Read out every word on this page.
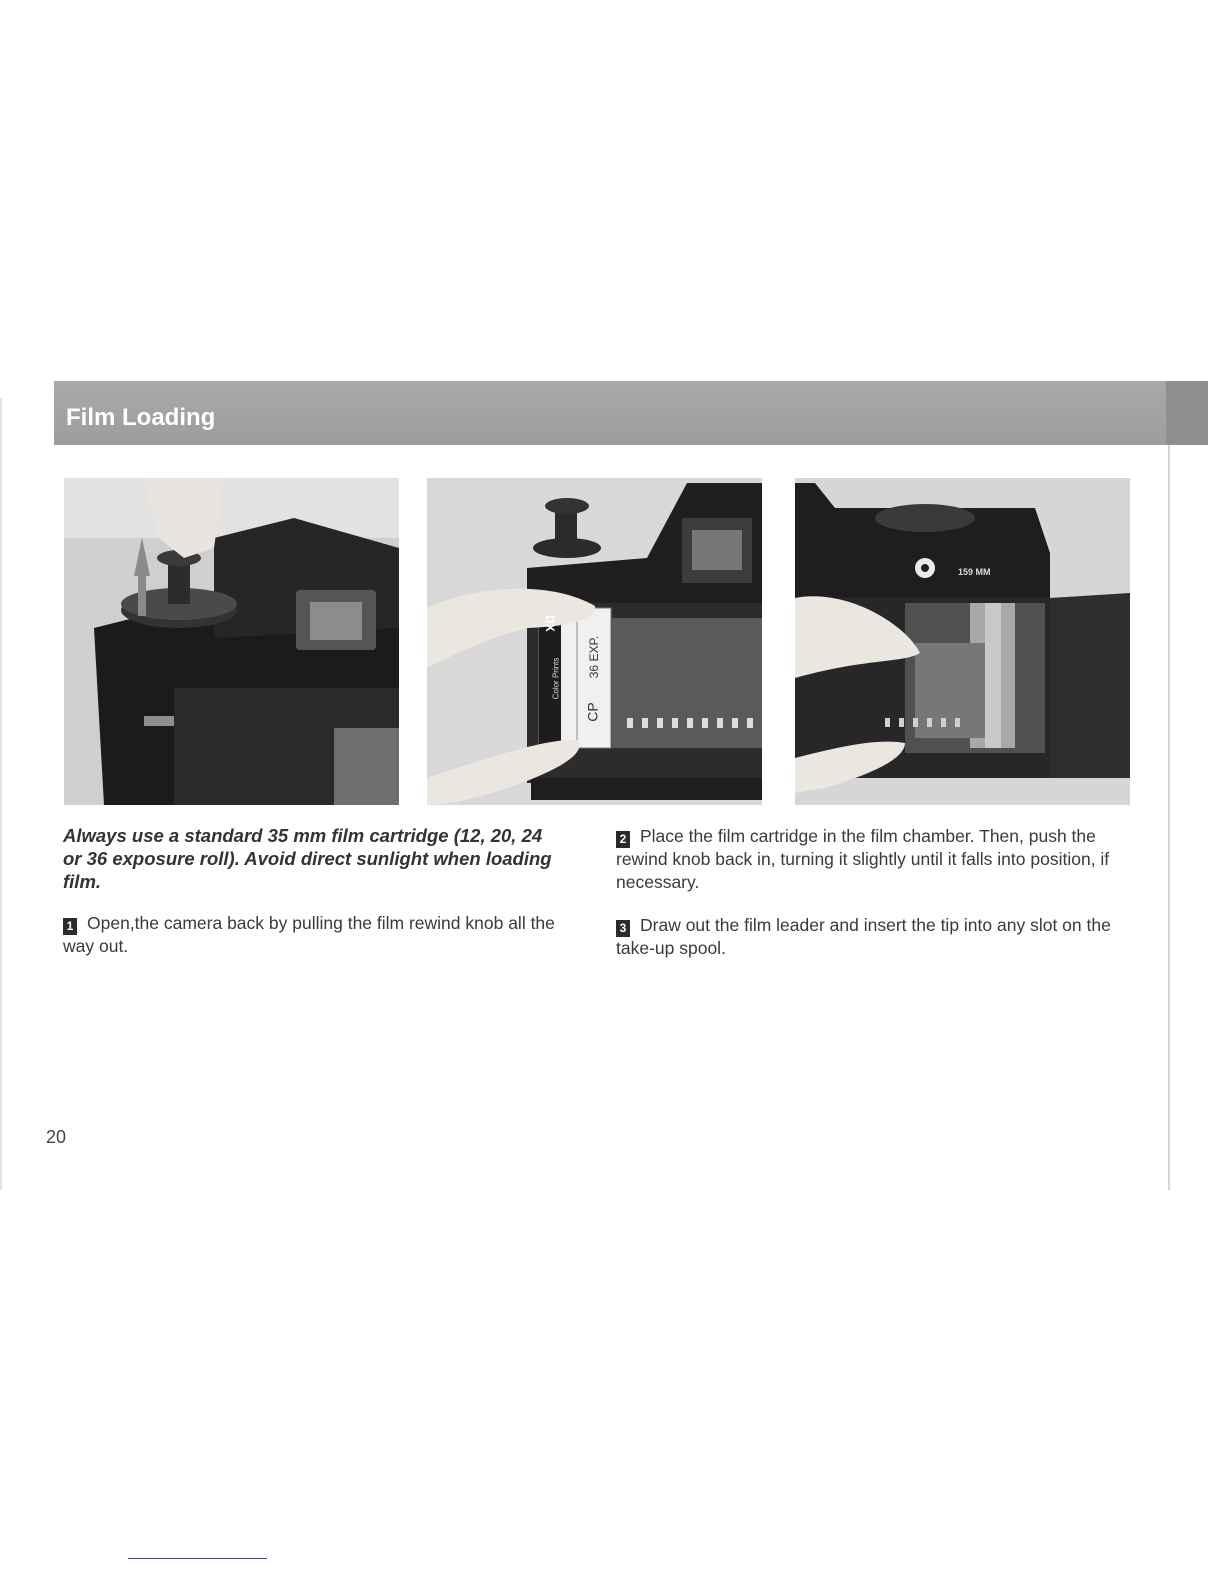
Film Loading
DX
CP
36 EXP.
Color Prints
159 MM
Always use a standard 35 mm film cartridge (12, 20, 24 or 36 exposure roll). Avoid direct sunlight when loading film.
1 Open,the camera back by pulling the film rewind knob all the way out.
2 Place the film cartridge in the film chamber. Then, push the rewind knob back in, turning it slightly until it falls into position, if necessary.
3 Draw out the film leader and insert the tip into any slot on the take-up spool.
20
